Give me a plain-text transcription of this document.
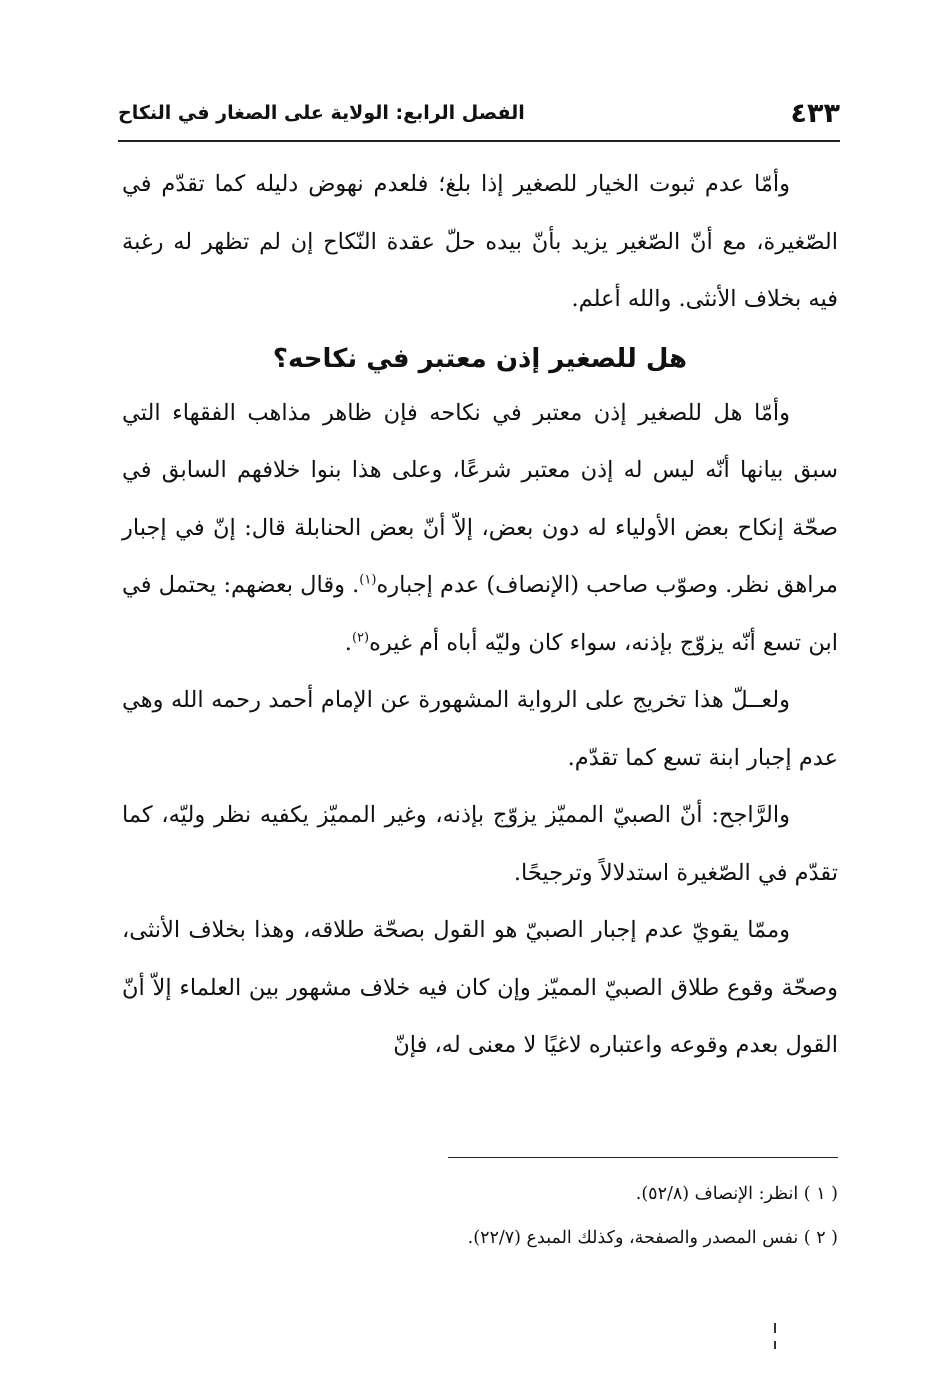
٤٣٣
الفصل الرابع: الولاية على الصغار في النكاح

وأمّا عدم ثبوت الخيار للصغير إذا بلغ؛ فلعدم نهوض دليله كما تقدّم في الصّغيرة، مع أنّ الصّغير يزيد بأنّ بيده حلّ عقدة النّكاح إن لم تظهر له رغبة فيه بخلاف الأنثى. والله أعلم.

هل للصغير إذن معتبر في نكاحه؟

وأمّا هل للصغير إذن معتبر في نكاحه فإن ظاهر مذاهب الفقهاء التي سبق بيانها أنّه ليس له إذن معتبر شرعًا، وعلى هذا بنوا خلافهم السابق في صحّة إنكاح بعض الأولياء له دون بعض، إلاّ أنّ بعض الحنابلة قال: إنّ في إجبار مراهق نظر. وصوّب صاحب (الإنصاف) عدم إجباره$^{(١)}$. وقال بعضهم: يحتمل في ابن تسع أنّه يزوّج بإذنه، سواء كان وليّه أباه أم غيره$^{(٢)}$.

ولعــلّ هذا تخريج على الرواية المشهورة عن الإمام أحمد رحمه الله وهي عدم إجبار ابنة تسع كما تقدّم.

والرَّاجح: أنّ الصبيّ المميّز يزوّج بإذنه، وغير المميّز يكفيه نظر وليّه، كما تقدّم في الصّغيرة استدلالاً وترجيحًا.

وممّا يقويّ عدم إجبار الصبيّ هو القول بصحّة طلاقه، وهذا بخلاف الأنثى، وصحّة وقوع طلاق الصبيّ المميّز وإن كان فيه خلاف مشهور بين العلماء إلاّ أنّ القول بعدم وقوعه واعتباره لاغيًا لا معنى له، فإنّ

( ١ ) انظر: الإنصاف (٥٢/٨).

( ٢ ) نفس المصدر والصفحة، وكذلك المبدع (٢٢/٧).
